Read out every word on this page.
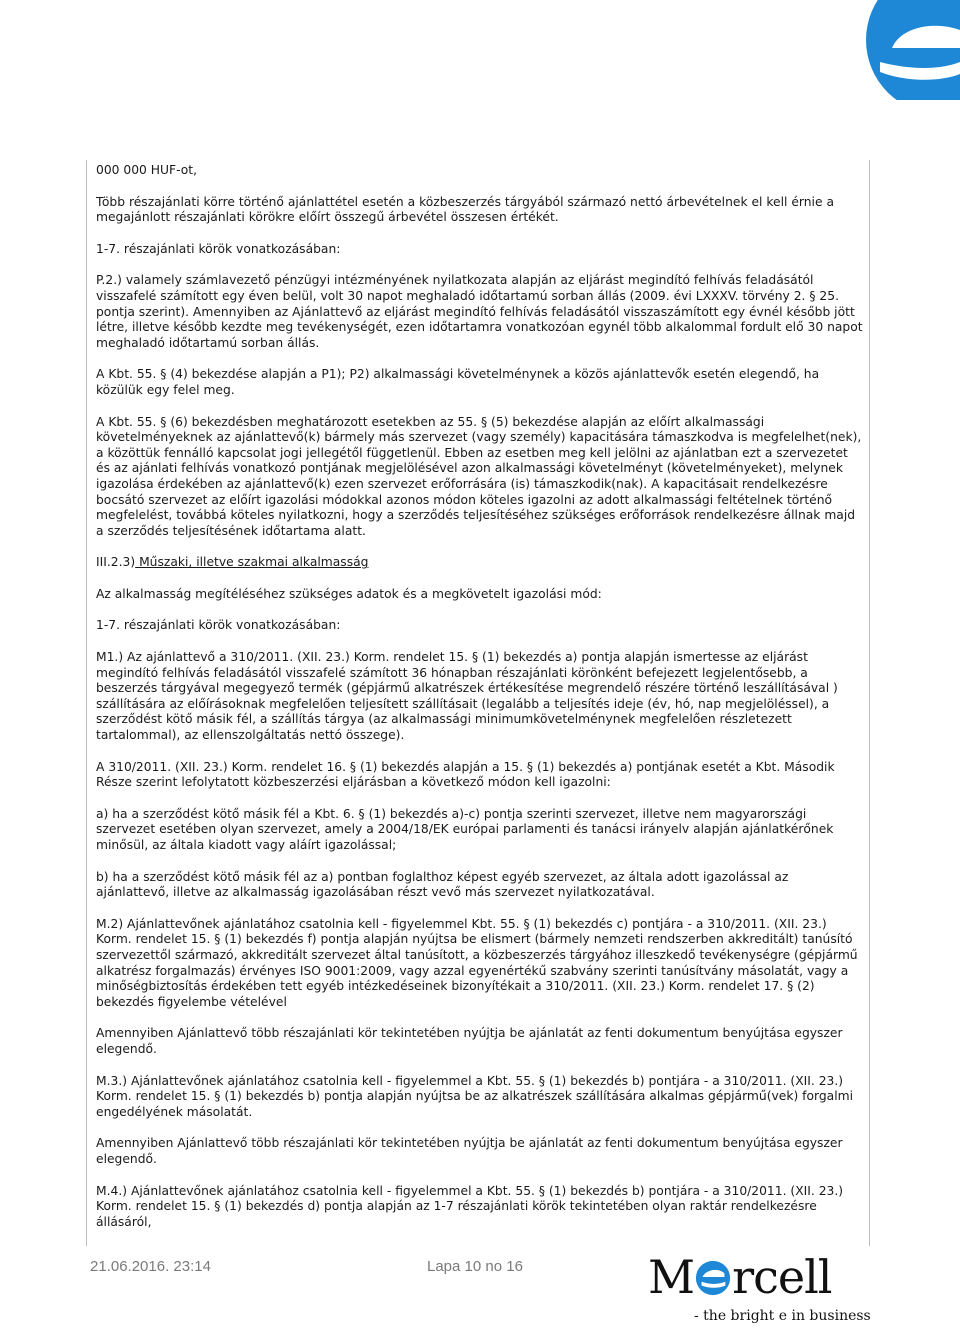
000 000 HUF-ot,

Több részajánlati körre történő ajánlattétel esetén a közbeszerzés tárgyából származó nettó árbevételnek el kell érnie a megajánlott részajánlati körökre előírt összegű árbevétel összesen értékét.

1-7. részajánlati körök vonatkozásában:

P.2.) valamely számlavezető pénzügyi intézményének nyilatkozata alapján az eljárást megindító felhívás feladásától visszafelé számított egy éven belül, volt 30 napot meghaladó időtartamú sorban állás (2009. évi LXXXV. törvény 2. § 25. pontja szerint). Amennyiben az Ajánlattevő az eljárást megindító felhívás feladásától visszaszámított egy évnél később jött létre, illetve később kezdte meg tevékenységét, ezen időtartamra vonatkozóan egynél több alkalommal fordult elő 30 napot meghaladó időtartamú sorban állás.

A Kbt. 55. § (4) bekezdése alapján a P1); P2) alkalmassági követelménynek a közös ajánlattevők esetén elegendő, ha közülük egy felel meg.

A Kbt. 55. § (6) bekezdésben meghatározott esetekben az 55. § (5) bekezdése alapján az előírt alkalmassági követelményeknek az ajánlattevő(k) bármely más szervezet (vagy személy) kapacitására támaszkodva is megfelelhet(nek), a közöttük fennálló kapcsolat jogi jellegétől függetlenül. Ebben az esetben meg kell jelölni az ajánlatban ezt a szervezetet és az ajánlati felhívás vonatkozó pontjának megjelölésével azon alkalmassági követelményt (követelményeket), melynek igazolása érdekében az ajánlattevő(k) ezen szervezet erőforrására (is) támaszkodik(nak). A kapacitásait rendelkezésre bocsátó szervezet az előírt igazolási módokkal azonos módon köteles igazolni az adott alkalmassági feltételnek történő megfelelést, továbbá köteles nyilatkozni, hogy a szerződés teljesítéséhez szükséges erőforrások rendelkezésre állnak majd a szerződés teljesítésének időtartama alatt.

III.2.3) Műszaki, illetve szakmai alkalmasság

Az alkalmasság megítéléséhez szükséges adatok és a megkövetelt igazolási mód:

1-7. részajánlati körök vonatkozásában:

M1.) Az ajánlattevő a 310/2011. (XII. 23.) Korm. rendelet 15. § (1) bekezdés a) pontja alapján ismertesse az eljárást megindító felhívás feladásától visszafelé számított 36 hónapban részajánlati körönként befejezett legjelentősebb, a beszerzés tárgyával megegyező termék (gépjármű alkatrészek értékesítése megrendelő részére történő leszállításával ) szállítására az előírásoknak megfelelően teljesített szállításait (legalább a teljesítés ideje (év, hó, nap megjelöléssel), a szerződést kötő másik fél, a szállítás tárgya (az alkalmassági minimumkövetelménynek megfelelően részletezett tartalommal), az ellenszolgáltatás nettó összege).

A 310/2011. (XII. 23.) Korm. rendelet 16. § (1) bekezdés alapján a 15. § (1) bekezdés a) pontjának esetét a Kbt. Második Része szerint lefolytatott közbeszerzési eljárásban a következő módon kell igazolni:

a) ha a szerződést kötő másik fél a Kbt. 6. § (1) bekezdés a)-c) pontja szerinti szervezet, illetve nem magyarországi szervezet esetében olyan szervezet, amely a 2004/18/EK európai parlamenti és tanácsi irányelv alapján ajánlatkérőnek minősül, az általa kiadott vagy aláírt igazolással;

b) ha a szerződést kötő másik fél az a) pontban foglalthoz képest egyéb szervezet, az általa adott igazolással az ajánlattevő, illetve az alkalmasság igazolásában részt vevő más szervezet nyilatkozatával.

M.2) Ajánlattevőnek ajánlatához csatolnia kell - figyelemmel Kbt. 55. § (1) bekezdés c) pontjára - a 310/2011. (XII. 23.) Korm. rendelet 15. § (1) bekezdés f) pontja alapján nyújtsa be elismert (bármely nemzeti rendszerben akkreditált) tanúsító szervezettől származó, akkreditált szervezet által tanúsított, a közbeszerzés tárgyához illeszkedő tevékenységre (gépjármű alkatrész forgalmazás) érvényes ISO 9001:2009, vagy azzal egyenértékű szabvány szerinti tanúsítvány másolatát, vagy a minőségbiztosítás érdekében tett egyéb intézkedéseinek bizonyítékait a 310/2011. (XII. 23.) Korm. rendelet 17. § (2) bekezdés figyelembe vételével

Amennyiben Ajánlattevő több részajánlati kör tekintetében nyújtja be ajánlatát az fenti dokumentum benyújtása egyszer elegendő.

M.3.) Ajánlattevőnek ajánlatához csatolnia kell - figyelemmel a Kbt. 55. § (1) bekezdés b) pontjára - a 310/2011. (XII. 23.) Korm. rendelet 15. § (1) bekezdés b) pontja alapján nyújtsa be az alkatrészek szállítására alkalmas gépjármű(vek) forgalmi engedélyének másolatát.

Amennyiben Ajánlattevő több részajánlati kör tekintetében nyújtja be ajánlatát az fenti dokumentum benyújtása egyszer elegendő.

M.4.) Ajánlattevőnek ajánlatához csatolnia kell - figyelemmel a Kbt. 55. § (1) bekezdés b) pontjára - a 310/2011. (XII. 23.) Korm. rendelet 15. § (1) bekezdés d) pontja alapján az 1-7 részajánlati körök tekintetében olyan raktár rendelkezésre állásáról,

21.06.2016. 23:14	Lapa 10 no 16	M rcell
- the bright e in business
